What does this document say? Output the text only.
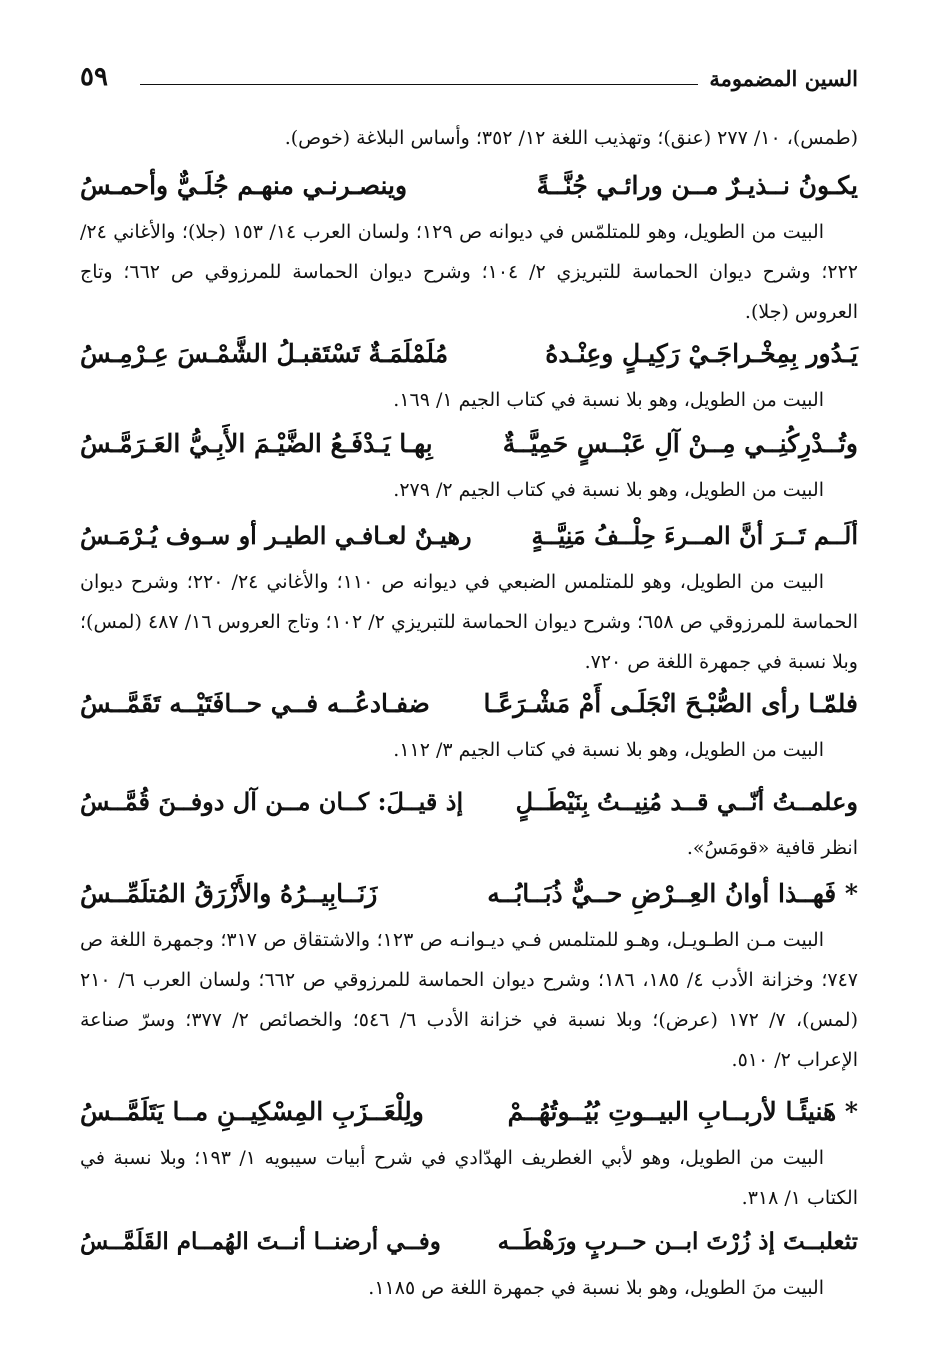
السين المضمومة
٥٩
(طمس)، ١٠/ ٢٧٧ (عنق)؛ وتهذيب اللغة ١٢/ ٣٥٢؛ وأساس البلاغة (خوص).
يكـونُ نــذيـرٌ مــن ورائـي جُنَّــةً
وينصـرنـي منهـم جُلَـيٌّ وأحمـسُ
البيت من الطويل، وهو للمتلمّس في ديوانه ص ١٢٩؛ ولسان العرب ١٤/ ١٥٣ (جلا)؛ والأغاني ٢٤/ ٢٢٢؛ وشرح ديوان الحماسة للتبريزي ٢/ ١٠٤؛ وشرح ديوان الحماسة للمرزوقي ص ٦٦٢؛ وتاج العروس (جلا).
يَـدُور بِمِخْـراجَـيْ رَكِيـلٍ وعِنْـدهُ
مُلَمْلَمَـةٌ تَسْتَقبـلُ الشَّمْـسَ عِـرْمِـسُ
البيت من الطويل، وهو بلا نسبة في كتاب الجيم ١/ ١٦٩.
وتُــدْرِكُنِــي مِــنْ آلِ عَبْــسٍ حَمِيَّــةٌ
بِهـا يَـدْفَـعُ الضَّيْـمَ الأَبِـيُّ العَـرَمَّـسُ
البيت من الطويل، وهو بلا نسبة في كتاب الجيم ٢/ ٢٧٩.
ألَــم تَــرَ أنَّ المــرءَ حِلْــفُ مَنِيَّــةٍ
رهيـنٌ لعـافـي الطيـر أو سـوف يُـرْمَـسُ
البيت من الطويل، وهو للمتلمس الضبعي في ديوانه ص ١١٠؛ والأغاني ٢٤/ ٢٢٠؛ وشرح ديوان الحماسة للمرزوقي ص ٦٥٨؛ وشرح ديوان الحماسة للتبريزي ٢/ ١٠٢؛ وتاج العروس ١٦/ ٤٨٧ (لمس)؛ وبلا نسبة في جمهرة اللغة ص ٧٢٠.
فلمّـا رأى الصُّبْـحَ انْجَلَـى أَمْ مَشْـرَعًـا
ضفـادعُــه فــي حــافَتَيْــه تَقَمَّــسُ
البيت من الطويل، وهو بلا نسبة في كتاب الجيم ٣/ ١١٢.
وعلمــتُ أنّــي قــد مُنِيــتُ بِنَيْطَــلٍ
إذ قيــلَ: كــان مــن آل دوفــنَ قُمَّــسُ
انظر قافية «قومَسُ».
* فَهــذا أوانُ العِــرْضِ حــيٌّ ذُبَــابُــه
زَنَــابِيــرُهُ والأَزْرَقُ المُتلَمِّــسُ
البيت مـن الطـويـل، وهـو للمتلمس فـي ديـوانـه ص ١٢٣؛ والاشتقاق ص ٣١٧؛ وجمهرة اللغة ص ٧٤٧؛ وخزانة الأدب ٤/ ١٨٥، ١٨٦؛ وشرح ديوان الحماسة للمرزوقي ص ٦٦٢؛ ولسان العرب ٦/ ٢١٠ (لمس)، ٧/ ١٧٢ (عرض)؛ وبلا نسبة في خزانة الأدب ٦/ ٥٤٦؛ والخصائص ٢/ ٣٧٧؛ وسرّ صناعة الإعراب ٢/ ٥١٠.
* هَنيئًـا لأربــابِ البيــوتِ بُيُــوتُهُــمْ
ولِلْعَــزَبِ المِسْكِيــنِ مــا يَتَلَمَّــسُ
البيت من الطويل، وهو لأبي الغطريف الهدّادي في شرح أبيات سيبويه ١/ ١٩٣؛ وبلا نسبة في الكتاب ١/ ٣١٨.
تثعلبــتَ إذ زُرْتَ ابــن حــربٍ ورَهْطَــه
وفــي أرضنــا أنــتَ الهُمــام القَلَمَّــسُ
البيت منَ الطويل، وهو بلا نسبة في جمهرة اللغة ص ١١٨٥.
